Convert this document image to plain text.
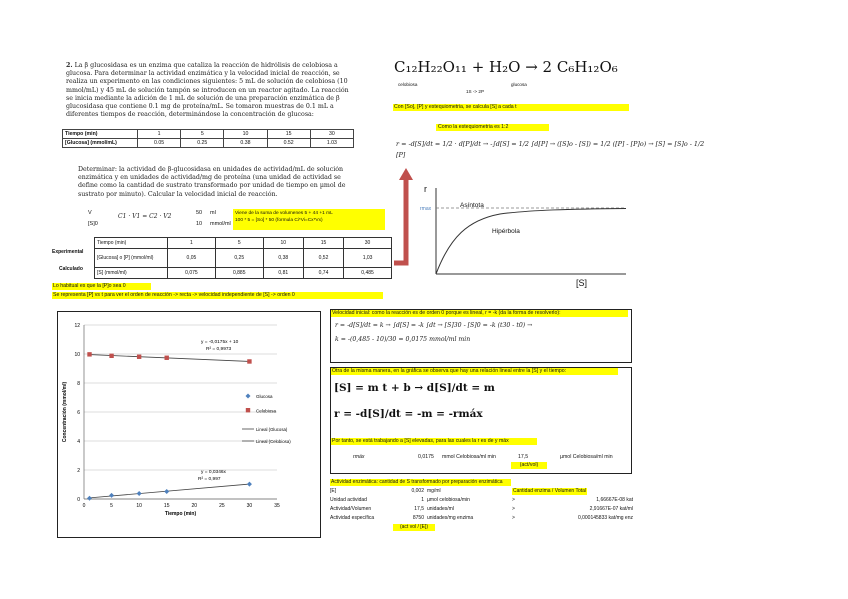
2. La β glucosidasa es un enzima que cataliza la reacción de hidrólisis de celobiosa a glucosa. Para determinar la actividad enzimática y la velocidad inicial de reacción, se realiza un experimento en las condiciones siguientes: 5 mL de solución de celobiosa (10 mmol/mL) y 45 mL de solución tampón se introducen en un reactor agitado. La reacción se inicia mediante la adición de 1 mL de solución de una preparación enzimática de β glucosidasa que contiene 0.1 mg de proteína/mL. Se tomaron muestras de 0.1 mL a diferentes tiempos de reacción, determinándose la concentración de glucosa:
Tiempo (min)	1	5	10	15	30
[Glucosa] (mmol/mL)	0.05	0.25	0.38	0.52	1.03
Determinar: la actividad de β-glucosidasa en unidades de actividad/mL de solución enzimática y en unidades de actividad/mg de proteína (una unidad de actividad se define como la cantidad de sustrato transformado por unidad de tiempo en µmol de sustrato por minuto). Calcular la velocidad inicial de reacción.
V
[S]0
C1 · V1 = C2 · V2	50 ml
10 mmol/ml
Viene de la suma de volumenes 5 + 44 +1 mL
100 * 5 = [So] * 50 (formula Ci*Vi=Cx*Vx)
Experimental
Calculado
Tiempo (min)	1	5	10	15	30
[Glucosa] o [P] (mmol/ml)	0,05	0,25	0,38	0,52	1,03
[S] (mmol/ml)	0,075	0,885	0,81	0,74	0,485
Lo habitual es que la [P]o sea 0
Se representa [P] vs t para ver el orden de reacción -> recta -> velocidad independiente de [S] -> orden 0
C₁₂H₂₂O₁₁ + H₂O → 2 C₆H₁₂O₆
celobiosa	glucosa
1S -> 2P
Con [So], [P] y estequiometria, se calcula [S] a cada t
Como la estequiometria es 1:2
r = -d[S]/dt = 1/2 · d[P]/dt → -∫d[S] = 1/2 ∫d[P] → ([S]o - [S]) = 1/2 ([P] - [P]o) → [S] = [S]o - 1/2 [P]
r
rmax	Asíntota
Hipérbola
[S]
0
2
4
6
8
10
12
0	5	10	15	20	25	30	35
Tiempo (min)
Concentración (mmol/ml)
y = -0,0175x + 10
R² = 0,9973
y = 0,0346x
R² = 0,997
Glucosa
Celobiosa
Lineal (Glucosa)
Lineal (Celobiosa)
Velocidad inicial: como la reacción es de orden 0 porque es lineal, r = -k (da la forma de resolverlo):
r = -d[S]/dt = k → ∫d[S] = -k ∫dt → [S]30 - [S]0 = -k (t30 - t0) →
k = -(0,485 - 10)/30 = 0,0175 mmol/ml min
Otra de la misma manera, en la gráfica se observa que hay una relación lineal entre la [S] y el tiempo:
[S] = m t + b → d[S]/dt = m
r = -d[S]/dt = -m = -rmáx
Por tanto, se está trabajando a [S] elevadas, para las cuales la r es de y máx
rmáx	0,0175 mmol Celobiosa/ml min	17,5	µmol Celobiosa/ml min
(act/vol)
Actividad enzimática: cantidad de S transformado por preparación enzimática
[E]	0,002 mg/ml	Cantidad enzima / Volumen Total
Unidad actividad	1 µmol celobiosa/min	>	1,66667E-08 kat
Actividad/Volumen	17,5 unidades/ml	>	2,91667E-07 kat/ml
Actividad específica	8750 unidades/mg enzima	>	0,000145833 kat/mg enz
(act vol / [E])
